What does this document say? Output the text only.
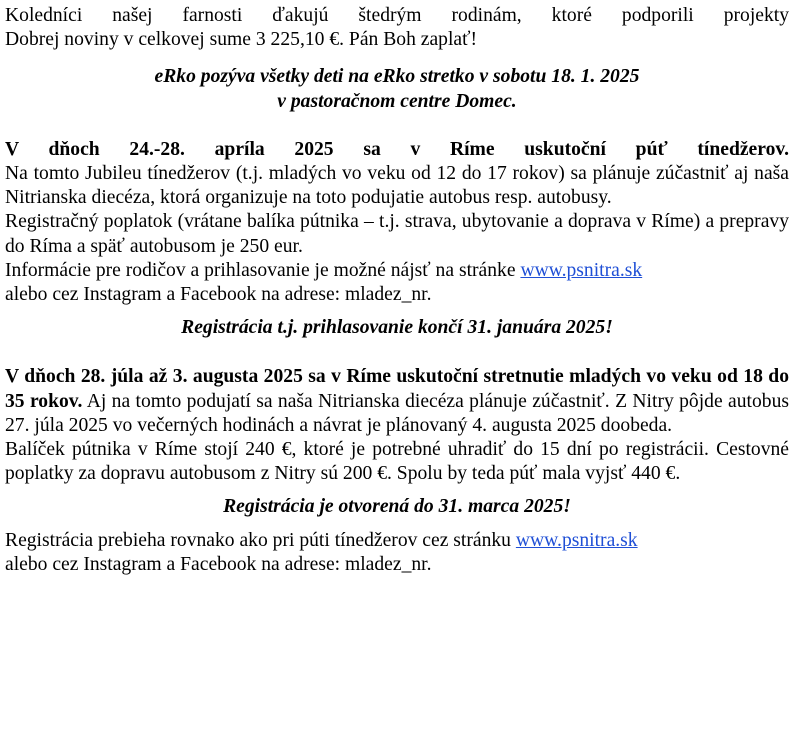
Koledníci našej farnosti ďakujú štedrým rodinám, ktoré podporili projekty

Dobrej noviny v celkovej sume 3 225,10 €. Pán Boh zaplať!

eRko pozýva všetky deti na eRko stretko v sobotu 18. 1. 2025

v pastoračnom centre Domec.

V dňoch 24.-28. apríla 2025 sa v Ríme uskutoční púť tínedžerov.

Na tomto Jubileu tínedžerov (t.j. mladých vo veku od 12 do 17 rokov) sa plánuje zúčastniť aj naša Nitrianska diecéza, ktorá organizuje na toto podujatie autobus resp. autobusy.

Registračný poplatok (vrátane balíka pútnika – t.j. strava, ubytovanie a doprava v Ríme) a prepravy do Ríma a späť autobusom je 250 eur.

Informácie pre rodičov a prihlasovanie je možné nájsť na stránke www.psnitra.sk
alebo cez Instagram a Facebook na adrese: mladez_nr.

Registrácia t.j. prihlasovanie končí 31. januára 2025!

V dňoch 28. júla až 3. augusta 2025 sa v Ríme uskutoční stretnutie mladých vo veku od 18 do 35 rokov. Aj na tomto podujatí sa naša Nitrianska diecéza plánuje zúčastniť. Z Nitry pôjde autobus 27. júla 2025 vo večerných hodinách a návrat je plánovaný 4. augusta 2025 doobeda.

Balíček pútnika v Ríme stojí 240 €, ktoré je potrebné uhradiť do 15 dní po registrácii. Cestovné poplatky za dopravu autobusom z Nitry sú 200 €. Spolu by teda púť mala vyjsť 440 €.

Registrácia je otvorená do 31. marca 2025!

Registrácia prebieha rovnako ako pri púti tínedžerov cez stránku www.psnitra.sk
alebo cez Instagram a Facebook na adrese: mladez_nr.
